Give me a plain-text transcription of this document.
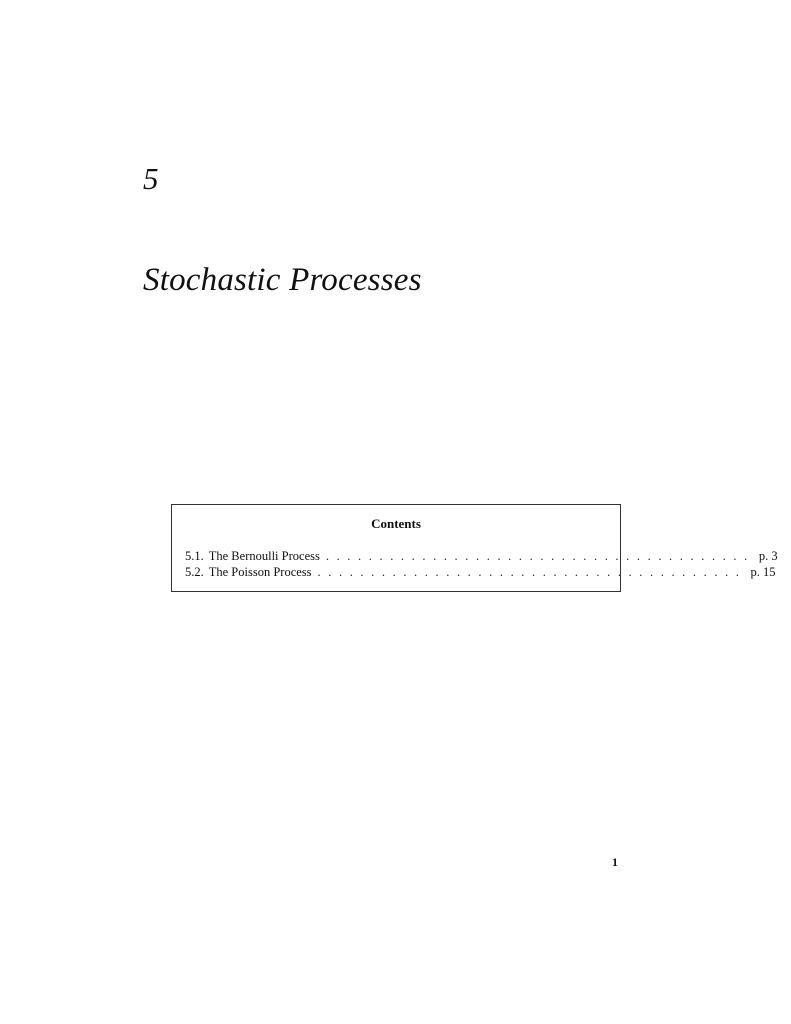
5
Stochastic Processes
Contents
5.1. The Bernoulli Process ........................................ p. 3
5.2. The Poisson Process ........................................ p. 15
1
